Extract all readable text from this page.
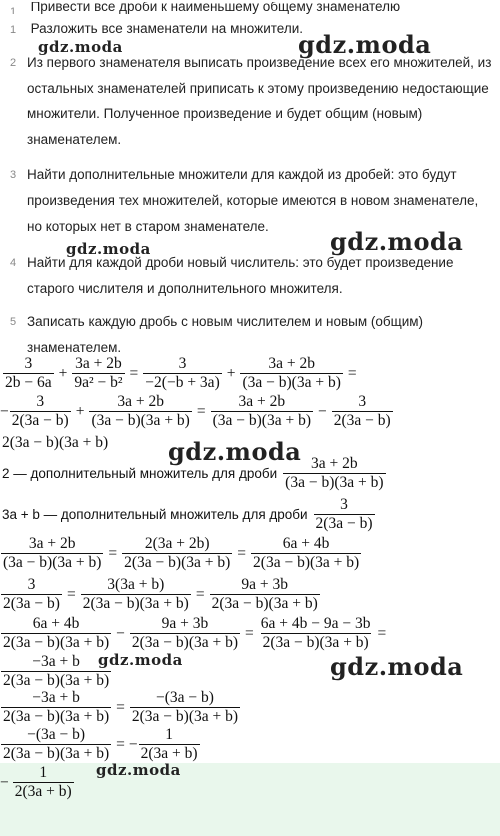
1 $^{Привести все дроби к наименьшему общему знаменателю}$
1 Разложить все знаменатели на множители.
2 Из первого знаменателя выписать произведение всех его множителей, из
остальных знаменателей приписать к этому произведению недостающие
множители. Полученное произведение и будет общим (новым)
знаменателем.
3 Найти дополнительные множители для каждой из дробей: это будут
произведения тех множителей, которые имеются в новом знаменателе,
но которых нет в старом знаменателе.
4 Найти для каждой дроби новый числитель: это будет произведение
старого числителя и дополнительного множителя.
5 Записать каждую дробь с новым числителем и новым (общим)
знаменателем.
$\frac{3}{2b - 6a} + \frac{3a + 2b}{\text{9a² − b²}} = \frac{3}{-2(-b + 3a)} + \frac{3a + 2b}{(3a - b)(3a + b)}$ =
− $\frac{3}{2(3a - b)} + \frac{3a + 2b}{(3a - b)(3a + b)} = \frac{3a + 2b}{(3a - b)(3a + b)} - \frac{3}{2(3a - b)}$
2(3a − b)(3a + b)
2 — дополнительный множитель для дроби $\frac{3a + 2b}{(3a - b)(3a + b)}$
3a + b — дополнительный множитель для дроби $\frac{3}{2(3a - b)}$
$\frac{3a + 2b}{(3a - b)(3a + b)} = \frac{2(3a + 2b)}{2(3a - b)(3a + b)} = \frac{6a + 4b}{2(3a - b)(3a + b)}$
$\frac{3}{2(3a - b)} = \frac{3(3a + b)}{2(3a - b)(3a + b)} = \frac{9a + 3b}{2(3a - b)(3a + b)}$
$\frac{6a + 4b}{2(3a - b)(3a + b)} - \frac{9a + 3b}{2(3a - b)(3a + b)} = \frac{6a + 4b - 9a - 3b}{2(3a - b)(3a + b)}$ =
$\frac{-3a + b}{2(3a - b)(3a + b)}$
$\frac{-3a + b}{2(3a - b)(3a + b)} = \frac{-(3a - b)}{2(3a - b)(3a + b)}$
$\frac{-(3a - b)}{2(3a - b)(3a + b)}$ = − $\frac{1}{2(3a + b)}$
− $\frac{1}{2(3a + b)}$
gdz.moda	gdz.moda
gdz.moda
gdz.moda
gdz.moda
gdz.moda	gdz.moda
gdz.moda
